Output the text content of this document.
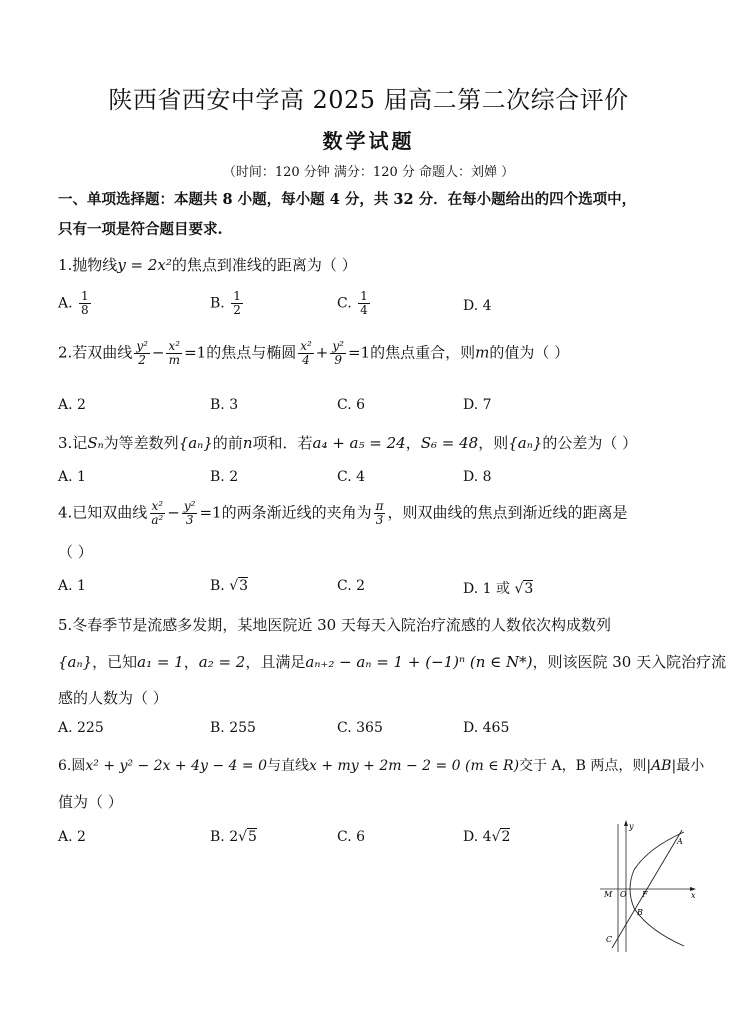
陕西省西安中学高 2025 届高二第二次综合评价
数学试题
（时间：120 分钟 满分：120 分 命题人：刘婵 ）
一、单项选择题：本题共 8 小题，每小题 4 分，共 32 分．在每小题给出的四个选项中，
只有一项是符合题目要求.
1.抛物线y = 2x²的焦点到准线的距离为（ ）
A. $\frac{1}{8}$	B. $\frac{1}{2}$	C. $\frac{1}{4}$	D. 4
2.若双曲线 $\frac{\text{y²}}{2} - \frac{\text{x²}}{m} =1$的焦点与椭圆 $\frac{\text{x²}}{4} + \frac{\text{y²}}{9} =1$的焦点重合，则m的值为（ ）
A. 2	B. 3	C. 6	D. 7
3.记Sₙ为等差数列{aₙ}的前n项和．若a₄ + a₅ = 24，S₆ = 48，则{aₙ}的公差为（ ）
A. 1	B. 2	C. 4	D. 8
4.已知双曲线 $\frac{\text{x²}}{\text{a²}} - \frac{\text{y²}}{3} =1$的两条渐近线的夹角为 $\frac{\pi}{3}$ ，则双曲线的焦点到渐近线的距离是
（ ）
A. 1	B. √3	C. 2	D. 1 或 √3
5.冬春季节是流感多发期，某地医院近 30 天每天入院治疗流感的人数依次构成数列
{aₙ}，已知a₁ = 1，a₂ = 2，且满足aₙ₊₂ − aₙ = 1 + (−1)ⁿ (n ∈ N*)，则该医院 30 天入院治疗流
感的人数为（ ）
A. 225	B. 255	C. 365	D. 465
6.圆x² + y² − 2x + 4y − 4 = 0与直线x + my + 2m − 2 = 0 (m ∈ R)交于 A，B 两点，则|AB|最小
值为（ ）
A. 2	B. 2√5	C. 6	D. 4√2
y
x
A
B
C
O F
M
